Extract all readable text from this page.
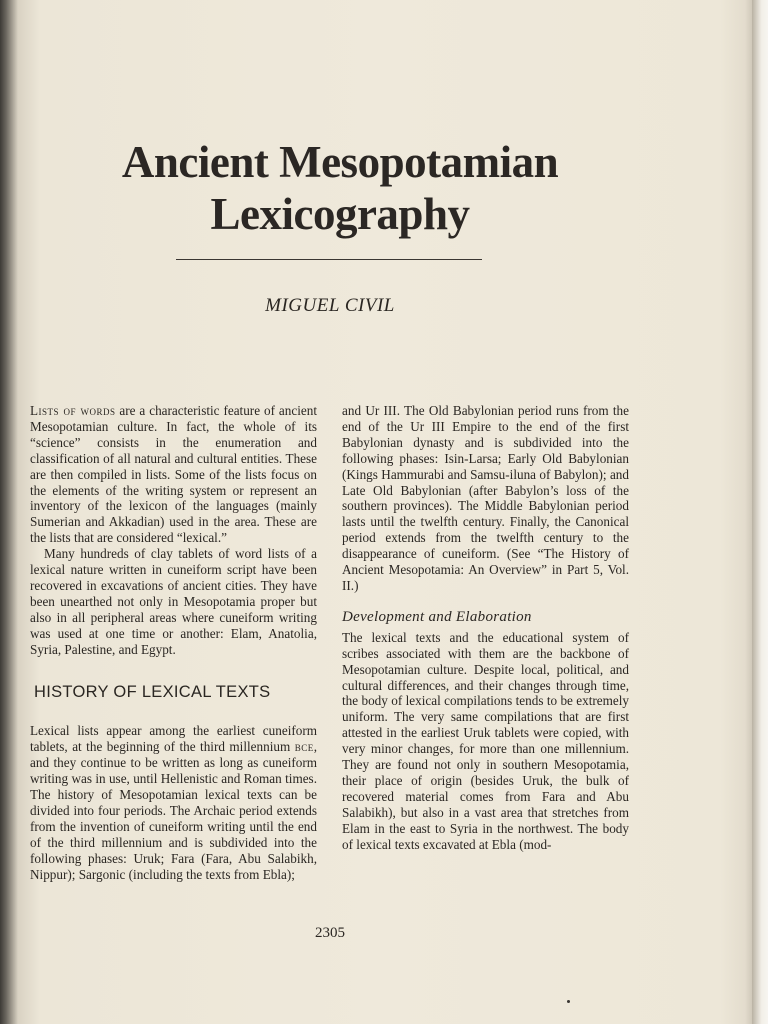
Ancient Mesopotamian
Lexicography
MIGUEL CIVIL

Lists of words are a characteristic feature of ancient Mesopotamian culture. In fact, the whole of its “science” consists in the enumeration and classification of all natural and cultural entities. These are then compiled in lists. Some of the lists focus on the elements of the writing system or represent an inventory of the lexicon of the languages (mainly Sumerian and Akkadian) used in the area. These are the lists that are considered “lexical.”

Many hundreds of clay tablets of word lists of a lexical nature written in cuneiform script have been recovered in excavations of ancient cities. They have been unearthed not only in Mesopotamia proper but also in all peripheral areas where cuneiform writing was used at one time or another: Elam, Anatolia, Syria, Palestine, and Egypt.

HISTORY OF LEXICAL TEXTS

Lexical lists appear among the earliest cuneiform tablets, at the beginning of the third millennium bce, and they continue to be written as long as cuneiform writing was in use, until Hellenistic and Roman times. The history of Mesopotamian lexical texts can be divided into four periods. The Archaic period extends from the invention of cuneiform writing until the end of the third millennium and is subdivided into the following phases: Uruk; Fara (Fara, Abu Salabikh, Nippur); Sargonic (including the texts from Ebla);

and Ur III. The Old Babylonian period runs from the end of the Ur III Empire to the end of the first Babylonian dynasty and is subdivided into the following phases: Isin-Larsa; Early Old Babylonian (Kings Hammurabi and Samsu-iluna of Babylon); and Late Old Babylonian (after Babylon’s loss of the southern provinces). The Middle Babylonian period lasts until the twelfth century. Finally, the Canonical period extends from the twelfth century to the disappearance of cuneiform. (See “The History of Ancient Mesopotamia: An Overview” in Part 5, Vol. II.)

Development and Elaboration

The lexical texts and the educational system of scribes associated with them are the backbone of Mesopotamian culture. Despite local, political, and cultural differences, and their changes through time, the body of lexical compilations tends to be extremely uniform. The very same compilations that are first attested in the earliest Uruk tablets were copied, with very minor changes, for more than one millennium. They are found not only in southern Mesopotamia, their place of origin (besides Uruk, the bulk of recovered material comes from Fara and Abu Salabikh), but also in a vast area that stretches from Elam in the east to Syria in the northwest. The body of lexical texts excavated at Ebla (mod-

2305
